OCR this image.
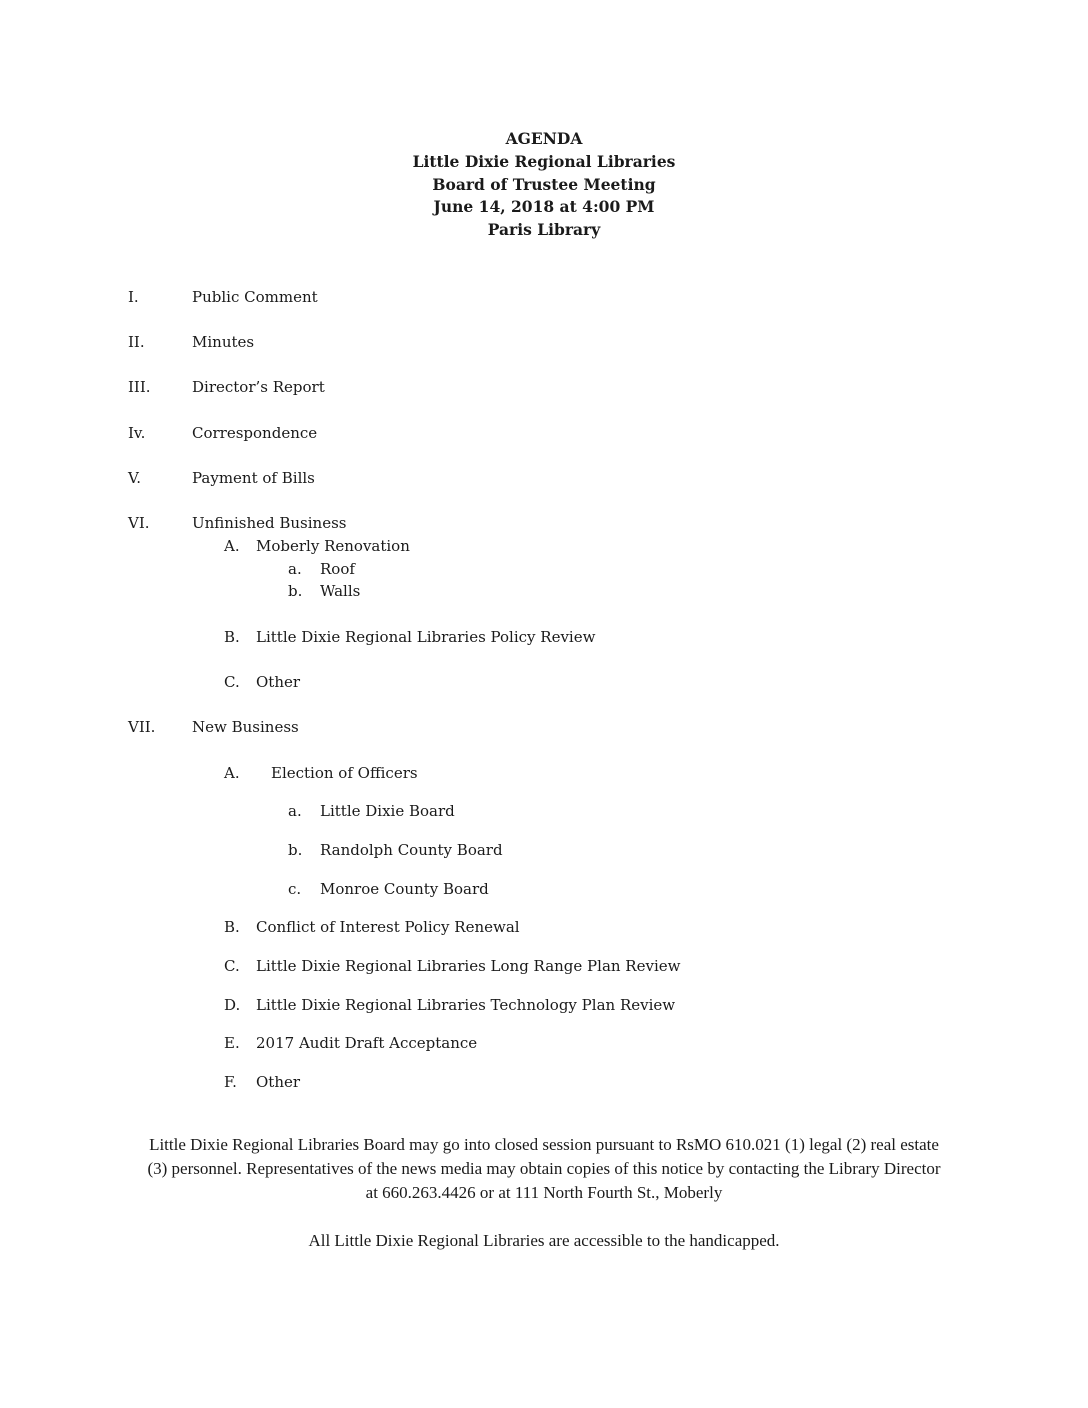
AGENDA
Little Dixie Regional Libraries
Board of Trustee Meeting
June 14, 2018 at 4:00 PM
Paris Library
I.	Public Comment
II.	Minutes
III.	Director’s Report
Iv.	Correspondence
V.	Payment of Bills
VI.	Unfinished Business
A. Moberly Renovation
a. Roof
b. Walls
B. Little Dixie Regional Libraries Policy Review
C. Other
VII. New Business
A. Election of Officers
a. Little Dixie Board
b. Randolph County Board
c. Monroe County Board
B. Conflict of Interest Policy Renewal
C. Little Dixie Regional Libraries Long Range Plan Review
D. Little Dixie Regional Libraries Technology Plan Review
E. 2017 Audit Draft Acceptance
F. Other
Little Dixie Regional Libraries Board may go into closed session pursuant to RsMO 610.021 (1) legal (2) real estate
(3) personnel. Representatives of the news media may obtain copies of this notice by contacting the Library Director
at 660.263.4426 or at 111 North Fourth St., Moberly
All Little Dixie Regional Libraries are accessible to the handicapped.
